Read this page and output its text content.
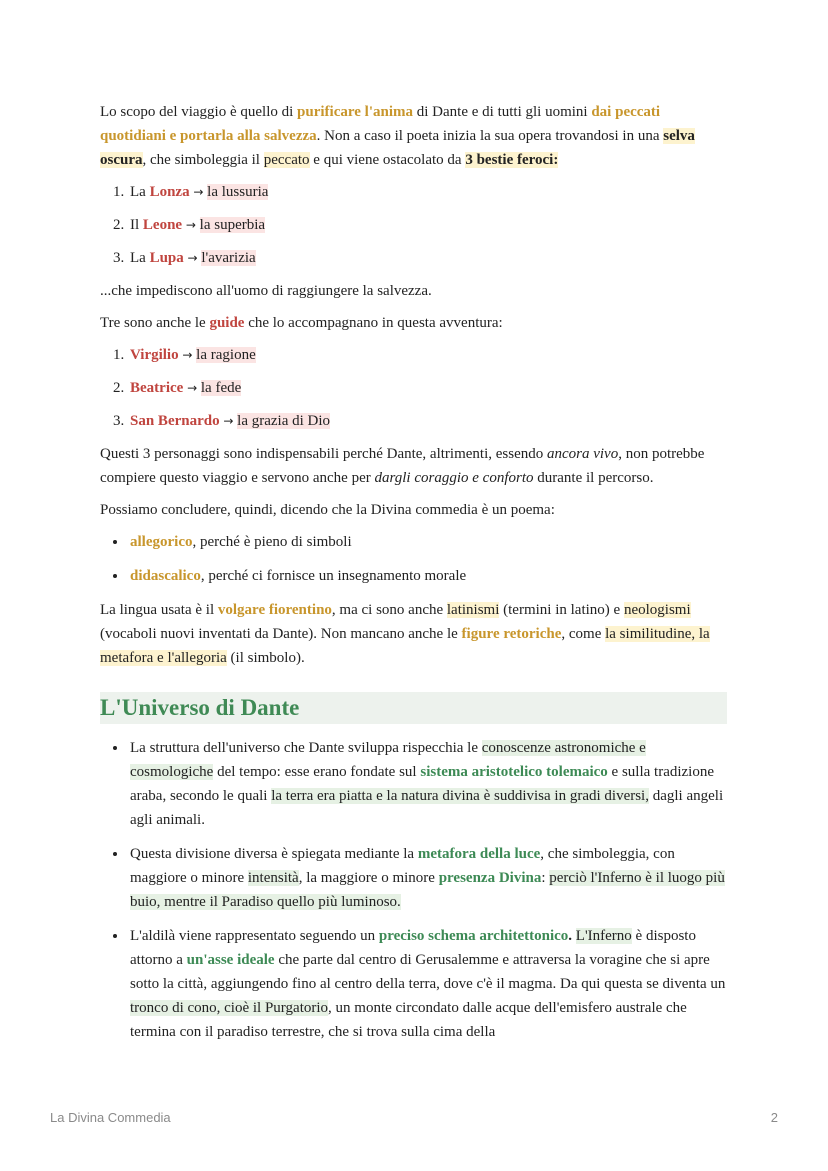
Lo scopo del viaggio è quello di purificare l'anima di Dante e di tutti gli uomini dai peccati quotidiani e portarla alla salvezza. Non a caso il poeta inizia la sua opera trovandosi in una selva oscura, che simboleggia il peccato e qui viene ostacolato da 3 bestie feroci:

1. La Lonza → la lussuria
2. Il Leone → la superbia
3. La Lupa → l'avarizia

...che impediscono all'uomo di raggiungere la salvezza.

Tre sono anche le guide che lo accompagnano in questa avventura:

1. Virgilio → la ragione
2. Beatrice → la fede
3. San Bernardo → la grazia di Dio

Questi 3 personaggi sono indispensabili perché Dante, altrimenti, essendo ancora vivo, non potrebbe compiere questo viaggio e servono anche per dargli coraggio e conforto durante il percorso.

Possiamo concludere, quindi, dicendo che la Divina commedia è un poema:

• allegorico, perché è pieno di simboli
• didascalico, perché ci fornisce un insegnamento morale

La lingua usata è il volgare fiorentino, ma ci sono anche latinismi (termini in latino) e neologismi (vocaboli nuovi inventati da Dante). Non mancano anche le figure retoriche, come la similitudine, la metafora e l'allegoria (il simbolo).

L'Universo di Dante
• La struttura dell'universo che Dante sviluppa rispecchia le conoscenze astronomiche e cosmologiche del tempo: esse erano fondate sul sistema aristotelico tolemaico e sulla tradizione araba, secondo le quali la terra era piatta e la natura divina è suddivisa in gradi diversi, dagli angeli agli animali.
• Questa divisione diversa è spiegata mediante la metafora della luce, che simboleggia, con maggiore o minore intensità, la maggiore o minore presenza Divina: perciò l'Inferno è il luogo più buio, mentre il Paradiso quello più luminoso.
• L'aldilà viene rappresentato seguendo un preciso schema architettonico. L'Inferno è disposto attorno a un'asse ideale che parte dal centro di Gerusalemme e attraversa la voragine che si apre sotto la città, aggiungendo fino al centro della terra, dove c'è il magma. Da qui questa se diventa un tronco di cono, cioè il Purgatorio, un monte circondato dalle acque dell'emisfero australe che termina con il paradiso terrestre, che si trova sulla cima della
La Divina Commedia	2
